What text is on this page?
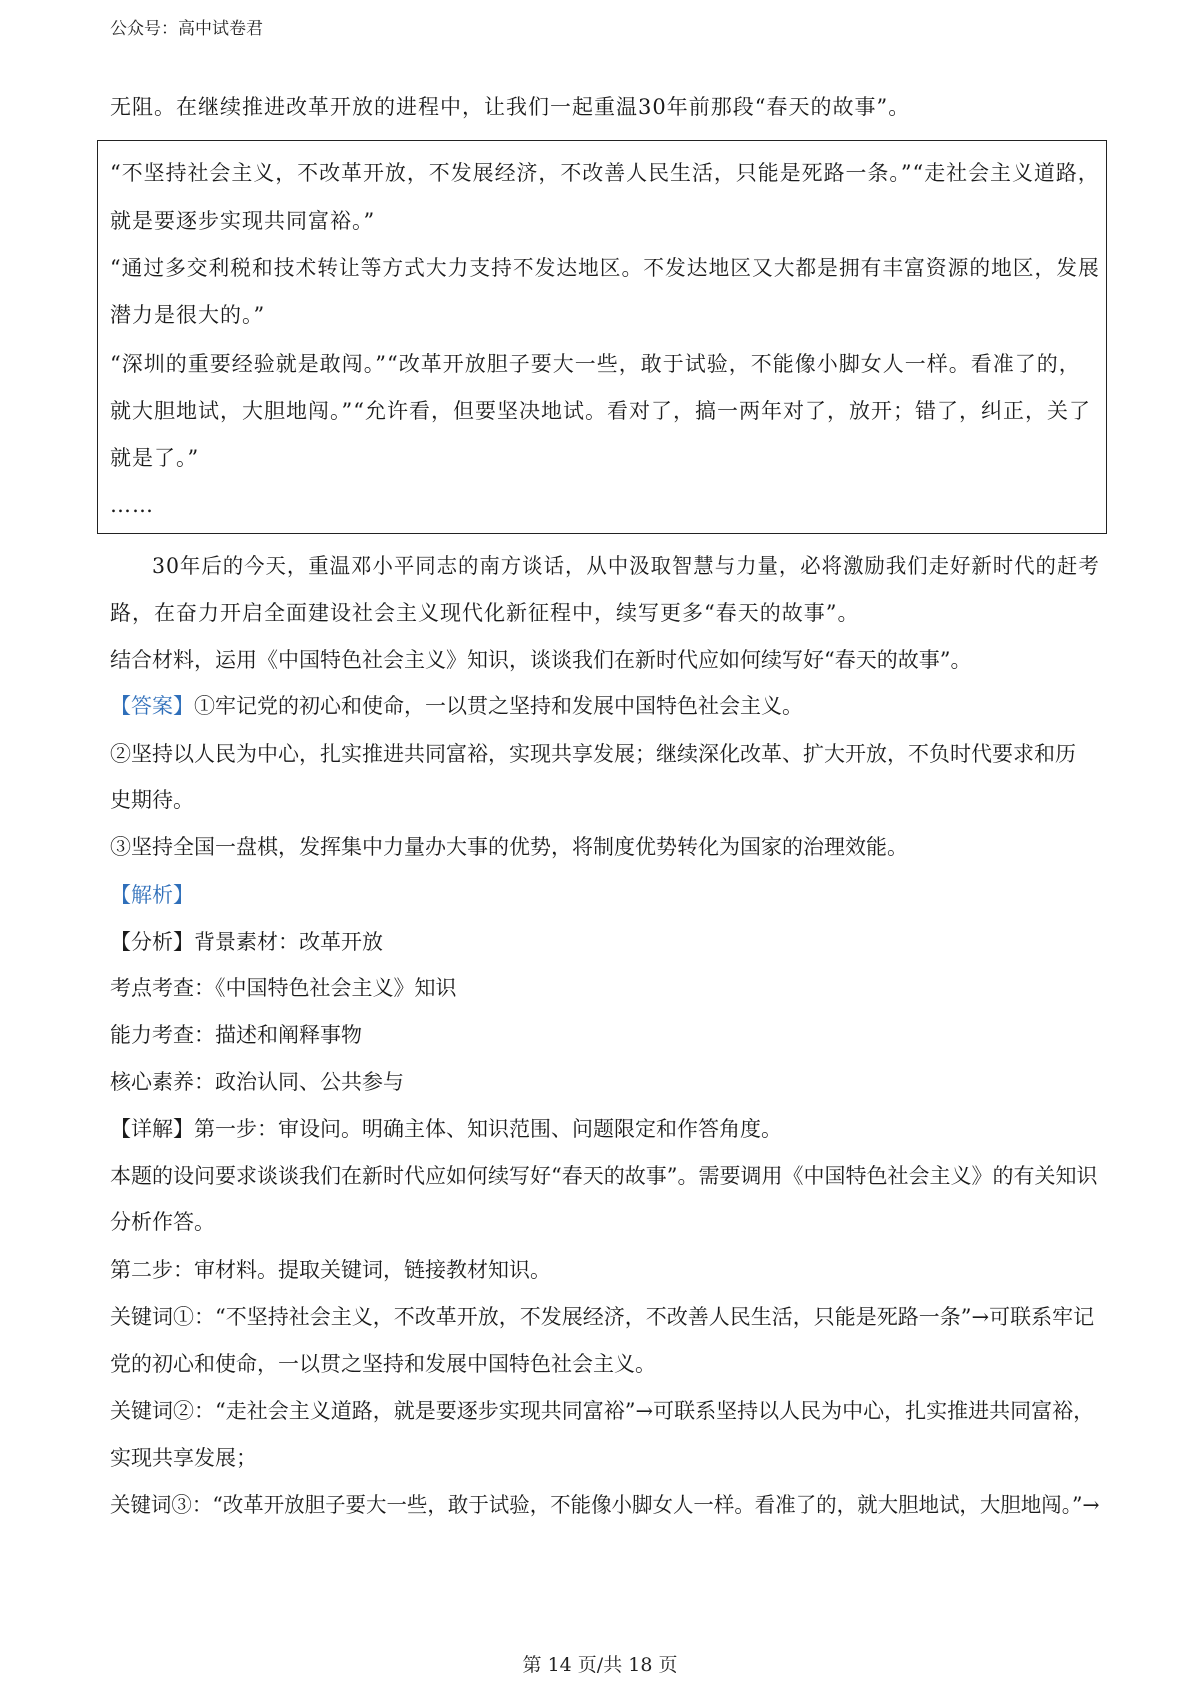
公众号：高中试卷君
无阻。在继续推进改革开放的进程中，让我们一起重温30年前那段“春天的故事”。
“不坚持社会主义，不改革开放，不发展经济，不改善人民生活，只能是死路一条。”“走社会主义道路，
就是要逐步实现共同富裕。”
“通过多交利税和技术转让等方式大力支持不发达地区。不发达地区又大都是拥有丰富资源的地区，发展
潜力是很大的。”
“深圳的重要经验就是敢闯。”“改革开放胆子要大一些，敢于试验，不能像小脚女人一样。看准了的，
就大胆地试，大胆地闯。”“允许看，但要坚决地试。看对了，搞一两年对了，放开；错了，纠正，关了
就是了。”
……
30年后的今天，重温邓小平同志的南方谈话，从中汲取智慧与力量，必将激励我们走好新时代的赶考
路，在奋力开启全面建设社会主义现代化新征程中，续写更多“春天的故事”。
结合材料，运用《中国特色社会主义》知识，谈谈我们在新时代应如何续写好“春天的故事”。
【答案】①牢记党的初心和使命，一以贯之坚持和发展中国特色社会主义。
②坚持以人民为中心，扎实推进共同富裕，实现共享发展；继续深化改革、扩大开放，不负时代要求和历
史期待。
③坚持全国一盘棋，发挥集中力量办大事的优势，将制度优势转化为国家的治理效能。
【解析】
【分析】背景素材：改革开放
考点考查：《中国特色社会主义》知识
能力考查：描述和阐释事物
核心素养：政治认同、公共参与
【详解】第一步：审设问。明确主体、知识范围、问题限定和作答角度。
本题的设问要求谈谈我们在新时代应如何续写好“春天的故事”。需要调用《中国特色社会主义》的有关知识
分析作答。
第二步：审材料。提取关键词，链接教材知识。
关键词①：“不坚持社会主义，不改革开放，不发展经济，不改善人民生活，只能是死路一条”→可联系牢记
党的初心和使命，一以贯之坚持和发展中国特色社会主义。
关键词②：“走社会主义道路，就是要逐步实现共同富裕”→可联系坚持以人民为中心，扎实推进共同富裕，
实现共享发展；
关键词③：“改革开放胆子要大一些，敢于试验，不能像小脚女人一样。看准了的，就大胆地试，大胆地闯。”→
第 14 页/共 18 页
